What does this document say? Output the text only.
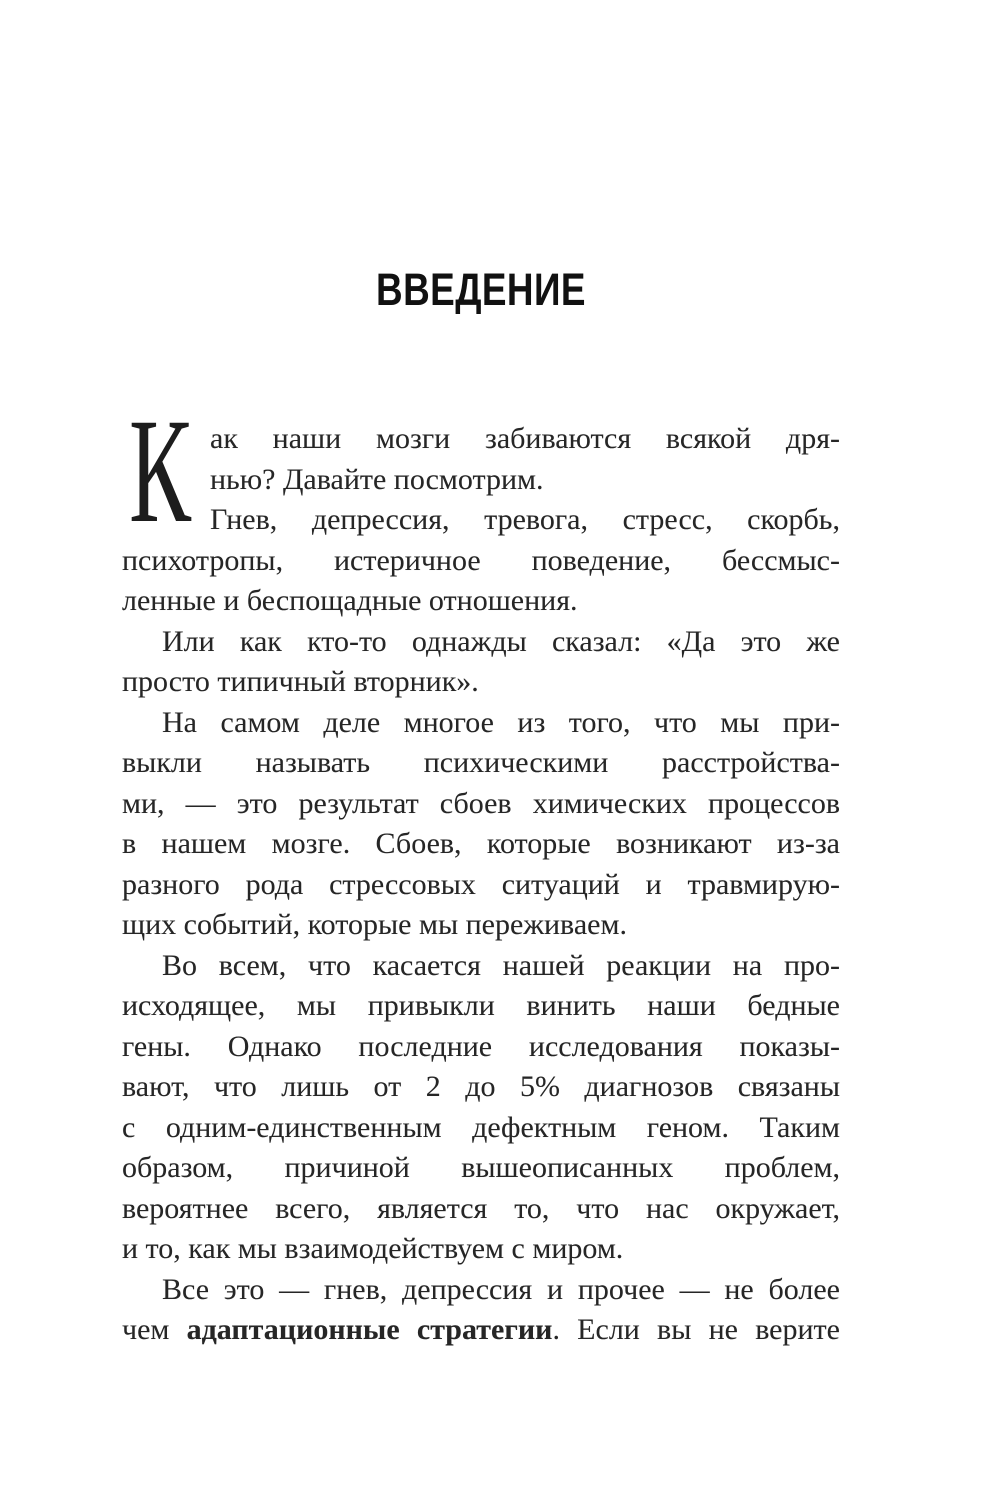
ВВЕДЕНИЕ
К ак наши мозги забиваются всякой дря-
нью? Давайте посмотрим.
Гнев, депрессия, тревога, стресс, скорбь,
психотропы, истеричное поведение, бессмыс-
ленные и беспощадные отношения.
Или как кто-то однажды сказал: «Да это же
просто типичный вторник».
На самом деле многое из того, что мы при-
выкли называть психическими расстройства-
ми, — это результат сбоев химических процессов
в нашем мозге. Сбоев, которые возникают из-за
разного рода стрессовых ситуаций и травмирую-
щих событий, которые мы переживаем.
Во всем, что касается нашей реакции на про-
исходящее, мы привыкли винить наши бедные
гены. Однако последние исследования показы-
вают, что лишь от 2 до 5% диагнозов связаны
с одним-единственным дефектным геном. Таким
образом, причиной вышеописанных проблем,
вероятнее всего, является то, что нас окружает,
и то, как мы взаимодействуем с миром.
Все это — гнев, депрессия и прочее — не более
чем адаптационные стратегии. Если вы не верите
